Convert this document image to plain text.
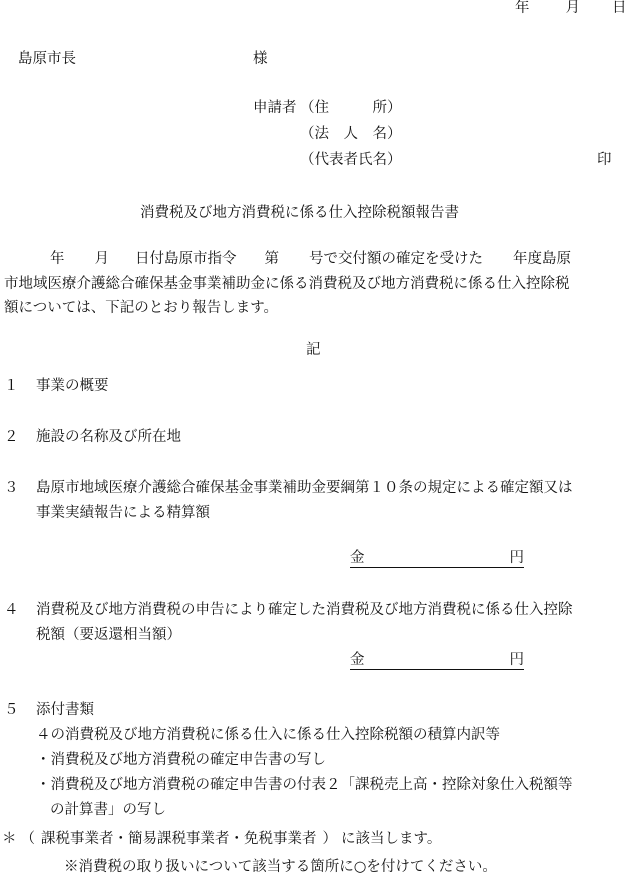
年 月 日
島原市長	様
申請者 （住　　　所）
（法　人　名）
（代表者氏名）	印
消費税及び地方消費税に係る仕入控除税額報告書
年 月 日付島原市指令 第 号で交付額の確定を受けた 年度島原
市地域医療介護総合確保基金事業補助金に係る消費税及び地方消費税に係る仕入控除税
額については、下記のとおり報告します。
記
１ 事業の概要
２ 施設の名称及び所在地
３ 島原市地域医療介護総合確保基金事業補助金要綱第１０条の規定による確定額又は
事業実績報告による精算額
金	円
４ 消費税及び地方消費税の申告により確定した消費税及び地方消費税に係る仕入控除
税額（要返還相当額）
金	円
５ 添付書類
４の消費税及び地方消費税に係る仕入に係る仕入控除税額の積算内訳等
・消費税及び地方消費税の確定申告書の写し
・消費税及び地方消費税の確定申告書の付表２「課税売上高・控除対象仕入税額等
の計算書」の写し
＊ （ 課税事業者・簡易課税事業者・免税事業者 ） に該当します。
※消費税の取り扱いについて該当する箇所に○を付けてください。
